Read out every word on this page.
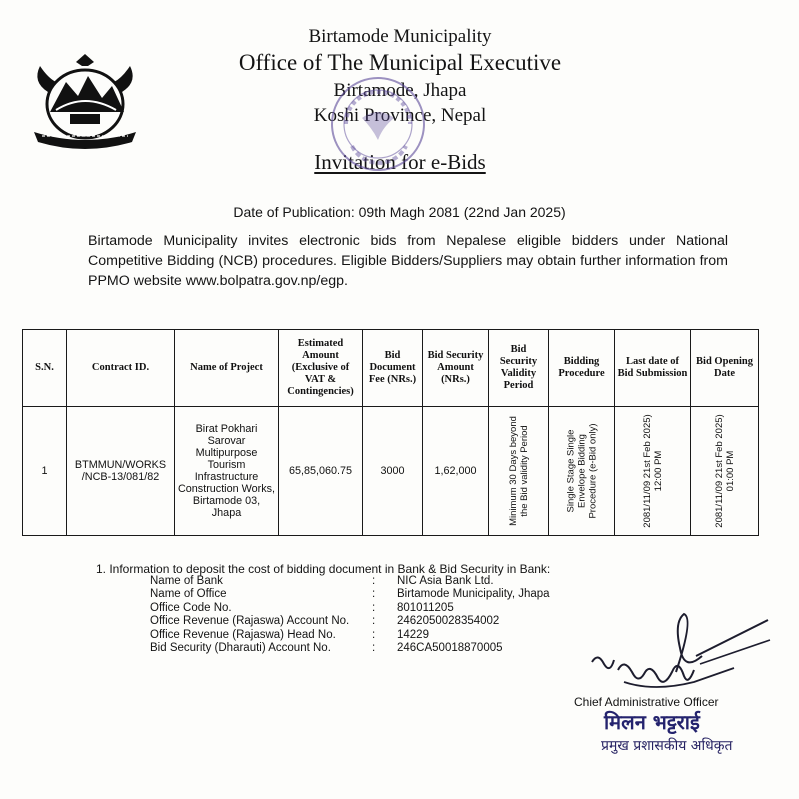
Birtamode Municipality
Office of The Municipal Executive
Birtamode, Jhapa
Koshi Province, Nepal
Invitation for e-Bids
Date of Publication: 09th Magh 2081 (22nd Jan 2025)

Birtamode Municipality invites electronic bids from Nepalese eligible bidders under National Competitive Bidding (NCB) procedures. Eligible Bidders/Suppliers may obtain further information from PPMO website www.bolpatra.gov.np/egp.

S.N.	Contract ID.	Name of Project	Estimated Amount (Exclusive of VAT & Contingencies)	Bid Document Fee (NRs.)	Bid Security Amount (NRs.)	Bid Security Validity Period	Bidding Procedure	Last date of Bid Submission	Bid Opening Date
1	BTMMUN/WORKS /NCB-13/081/82	Birat Pokhari Sarovar Multipurpose Tourism Infrastructure Construction Works, Birtamode 03, Jhapa	65,85,060.75	3000	1,62,000	Minimum 30 Days beyond the Bid validity Period	Single Stage Single Envelope Bidding Procedure (e-Bid only)	2081/11/09 21st Feb 2025) 12:00 PM	2081/11/09 21st Feb 2025) 01:00 PM
1. Information to deposit the cost of bidding document in Bank & Bid Security in Bank:
Name of Bank	: NIC Asia Bank Ltd.
Name of Office	: Birtamode Municipality, Jhapa
Office Code No.	: 801011205
Office Revenue (Rajaswa) Account No. : 2462050028354002
Office Revenue (Rajaswa) Head No.	: 14229
Bid Security (Dharauti) Account No.	: 246CA50018870005
Chief Administrative Officer
मिलन भट्टराई
प्रमुख प्रशासकीय अधिकृत
